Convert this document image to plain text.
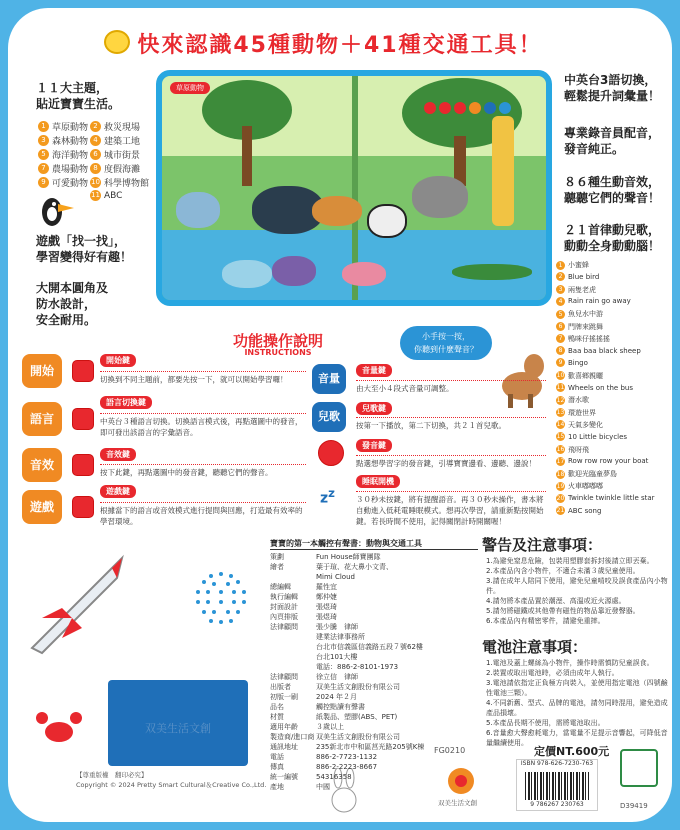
快來認識45種動物＋41種交通工具！
１１大主題，
貼近寶寶生活。
1 草原動物 2 救災現場
3 森林動物 4 建築工地
5 海洋動物 6 城市街景
7 農場動物 8 度假海灘
9 可愛動物 10 科學博物館
11 ABC
遊戲「找一找」，
學習變得好有趣！
大開本圓角及
防水設計，
安全耐用。
草原動物
中英台3語切換，
輕鬆提升詞彙量！
專業錄音員配音，
發音純正。
８６種生動音效，
聽聽它們的聲音！
２１首律動兒歌，
動動全身動動腦！
1 小蜜蜂
2 Blue bird
3 兩隻老虎
4 Rain rain go away
5 魚兒水中游
6 門牌來跳舞
7 鴨咪仔搖搖搖
8 Baa baa black sheep
9 Bingo
10 歡喜鄉親曬
11 Wheels on the bus
12 潛水歌
13 環遊世界
14 天氣多變化
15 10 Little bicycles
16 飛呀飛
17 Row row row your boat
18 歡迎光臨童夢島
19 火車嘟嘟嘟
20 Twinkle twinkle little star
21 ABC song
功能操作說明
INSTRUCTIONS
小手按一按，
你聽到什麼聲音？
開始
開始鍵
切換到不同主題前，都要先按一下，就可以開始學習囉！
語言
語言切換鍵
中英台３種語言切換。切換語言模式後，再點選圖中的發音，即可發出該語言的字彙語音。
音效
音效鍵
按下此鍵，再點選圖中的發音鍵，聽聽它們的聲音。
遊戲
遊戲鍵
根據當下的語言或音效模式進行提問與回應，打造最有效率的學習環境。
音量
音量鍵
由大至小４段式音量可調整。
兒歌
兒歌鍵
按第一下播放，第二下切換，共２１首兒歌。
發音鍵
點選想學習字的發音鍵，引導寶寶邊看、邊聽、邊說！
$z^z$
睡眠開機
３０秒未按鍵，將有提醒語音。再３０秒未操作，書本將自動進入低耗電睡眠模式。想再次學習，請重新點按開始鍵。若長時間不使用，記得關閉計時開關喔！
双美生活文創
【尊重版權　翻印必究】
Copyright © 2024 Pretty Smart Cultural＆Creative Co.,Ltd.
寶寶的第一本觸控有聲書：動物與交通工具
策劃	Fun House師寶團隊
繪者	葉于瑄、花大鼻小文青、
Mimi Cloud
總編輯	羅性宜
執行編輯	鄭仲婕
封面設計	張煜琦
內頁排版	張煜琦
法律顧問	張少騰　律師
建業法律事務所
台北市信義區信義路五段７號62樓
台北101大樓
電話：886-2-8101-1973
法律顧問	徐立信　律師
出版者	双美生活文創股份有限公司
初版一刷	2024 年２月
品名	觸控點讀有聲書
材質	紙製品、塑膠(ABS、PET)
適用年齡	３歲以上
製造商/進口商 双美生活文創股份有限公司
通訊地址	235新北市中和區莒光路205號K棟
電話	886-2-7723-1132
傳真	886-2-2223-8667
統一編號	54316358
產地	中國
警告及注意事項：
1.為避免窒息危險，包裝用塑膠套拆封後請立即丟棄。
2.本產品內含小物件，不適合未滿３歲兒童使用。
3.請在成年人陪同下使用，避免兒童啃咬及誤食產品內小物件。
4.請勿將本產品置於潮溼、高溫或近火源處。
5.請勿將磁鐵或其他帶有磁性的物品靠近發聲器。
6.本產品內有精密零件，請避免重摔。
電池注意事項：
1.電池及蓋上螺絲為小物件，操作時需慎防兒童誤食。
2.裝置或取出電池時，必須由成年人執行。
3.電池請依指定正負極方向裝入，並使用指定電池（四號鹼性電池三顆）。
4.不同新舊、型式、品牌的電池，請勿同時混用，避免造成產品損壞。
5.本產品長期不使用，需將電池取出。
6.音量愈大聲愈耗電力，當電量不足提示音響起，可降低音量繼續使用。
FG0210	定價NT.600元
双美生活文創
ISBN 978-626-7230-763
9 786267 230763	D39419
